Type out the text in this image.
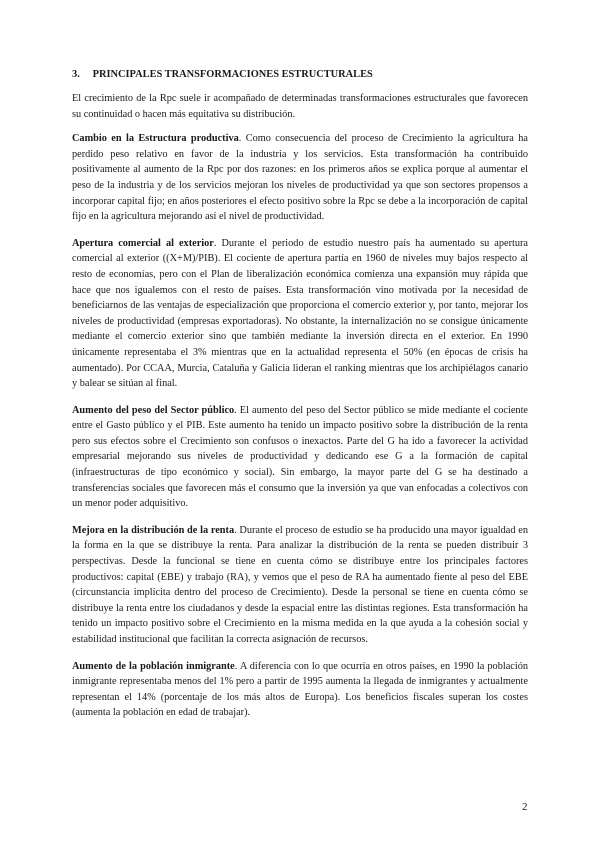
3. PRINCIPALES TRANSFORMACIONES ESTRUCTURALES

El crecimiento de la Rpc suele ir acompañado de determinadas transformaciones estructurales que favorecen su continuidad o hacen más equitativa su distribución.

Cambio en la Estructura productiva. Como consecuencia del proceso de Crecimiento la agricultura ha perdido peso relativo en favor de la industria y los servicios. Esta transformación ha contribuido positivamente al aumento de la Rpc por dos razones: en los primeros años se explica porque al aumentar el peso de la industria y de los servicios mejoran los niveles de productividad ya que son sectores propensos a incorporar capital fijo; en años posteriores el efecto positivo sobre la Rpc se debe a la incorporación de capital fijo en la agricultura mejorando así el nivel de productividad.

Apertura comercial al exterior. Durante el periodo de estudio nuestro país ha aumentado su apertura comercial al exterior ((X+M)/PIB). El cociente de apertura partía en 1960 de niveles muy bajos respecto al resto de economías, pero con el Plan de liberalización económica comienza una expansión muy rápida que hace que nos igualemos con el resto de países. Esta transformación vino motivada por la necesidad de beneficiarnos de las ventajas de especialización que proporciona el comercio exterior y, por tanto, mejorar los niveles de productividad (empresas exportadoras). No obstante, la internalización no se consigue únicamente mediante el comercio exterior sino que también mediante la inversión directa en el exterior. En 1990 únicamente representaba el 3% mientras que en la actualidad representa el 50% (en épocas de crisis ha aumentado). Por CCAA, Murcia, Cataluña y Galicia lideran el ranking mientras que los archipiélagos canario y balear se sitúan al final.

Aumento del peso del Sector público. El aumento del peso del Sector público se mide mediante el cociente entre el Gasto público y el PIB. Este aumento ha tenido un impacto positivo sobre la distribución de la renta pero sus efectos sobre el Crecimiento son confusos o inexactos. Parte del G ha ido a favorecer la actividad empresarial mejorando sus niveles de productividad y dedicando ese G a la formación de capital (infraestructuras de tipo económico y social). Sin embargo, la mayor parte del G se ha destinado a transferencias sociales que favorecen más el consumo que la inversión ya que van enfocadas a colectivos con un menor poder adquisitivo.

Mejora en la distribución de la renta. Durante el proceso de estudio se ha producido una mayor igualdad en la forma en la que se distribuye la renta. Para analizar la distribución de la renta se pueden distribuir 3 perspectivas. Desde la funcional se tiene en cuenta cómo se distribuye entre los principales factores productivos: capital (EBE) y trabajo (RA), y vemos que el peso de RA ha aumentado fiente al peso del EBE (circunstancia implícita dentro del proceso de Crecimiento). Desde la personal se tiene en cuenta cómo se distribuye la renta entre los ciudadanos y desde la espacial entre las distintas regiones. Esta transformación ha tenido un impacto positivo sobre el Crecimiento en la misma medida en la que ayuda a la cohesión social y estabilidad institucional que facilitan la correcta asignación de recursos.

Aumento de la población inmigrante. A diferencia con lo que ocurría en otros países, en 1990 la población inmigrante representaba menos del 1% pero a partir de 1995 aumenta la llegada de inmigrantes y actualmente representan el 14% (porcentaje de los más altos de Europa). Los beneficios fiscales superan los costes (aumenta la población en edad de trabajar).

2
